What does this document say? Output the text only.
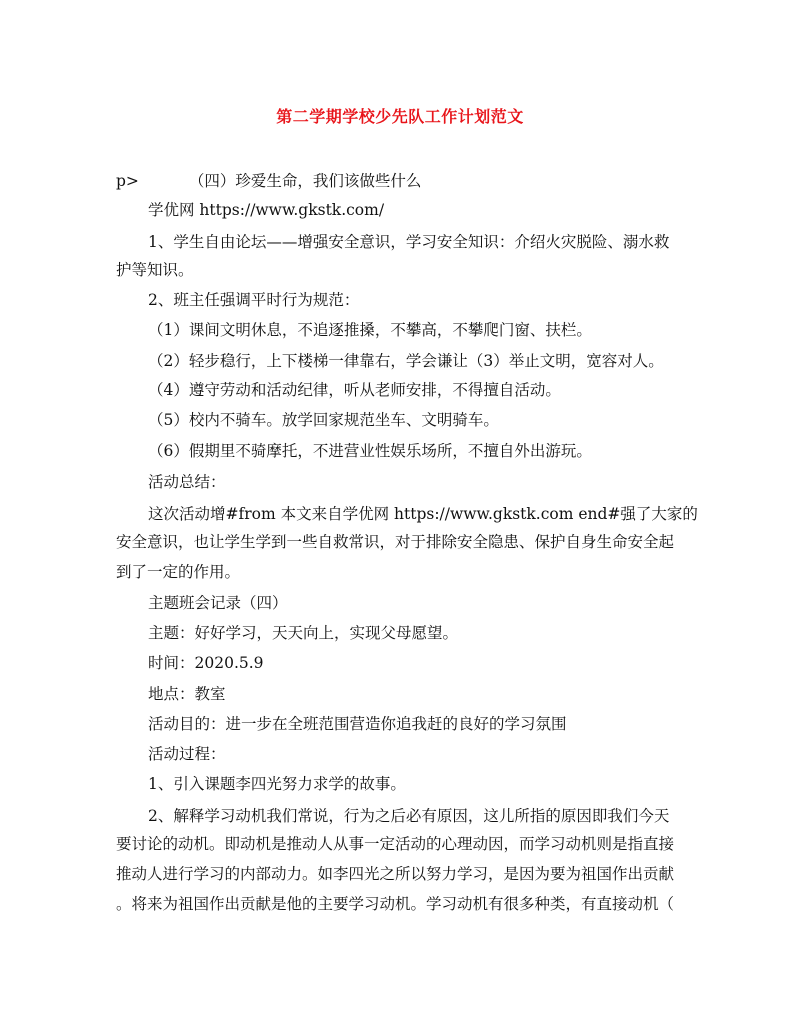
第二学期学校少先队工作计划范文
p>	（四）珍爱生命，我们该做些什么
学优网 https://www.gkstk.com/
1、学生自由论坛——增强安全意识，学习安全知识：介绍火灾脱险、溺水救
护等知识。
2、班主任强调平时行为规范：
（1）课间文明休息，不追逐推搡，不攀高，不攀爬门窗、扶栏。
（2）轻步稳行，上下楼梯一律靠右，学会谦让（3）举止文明，宽容对人。
（4）遵守劳动和活动纪律，听从老师安排，不得擅自活动。
（5）校内不骑车。放学回家规范坐车、文明骑车。
（6）假期里不骑摩托，不进营业性娱乐场所，不擅自外出游玩。
活动总结：
这次活动增#from 本文来自学优网 https://www.gkstk.com end#强了大家的
安全意识，也让学生学到一些自救常识，对于排除安全隐患、保护自身生命安全起
到了一定的作用。
主题班会记录（四）
主题：好好学习，天天向上，实现父母愿望。
时间：2020.5.9
地点：教室
活动目的：进一步在全班范围营造你追我赶的良好的学习氛围
活动过程：
1、引入课题李四光努力求学的故事。
2、解释学习动机我们常说，行为之后必有原因，这儿所指的原因即我们今天
要讨论的动机。即动机是推动人从事一定活动的心理动因，而学习动机则是指直接
推动人进行学习的内部动力。如李四光之所以努力学习，是因为要为祖国作出贡献
。将来为祖国作出贡献是他的主要学习动机。学习动机有很多种类，有直接动机（
